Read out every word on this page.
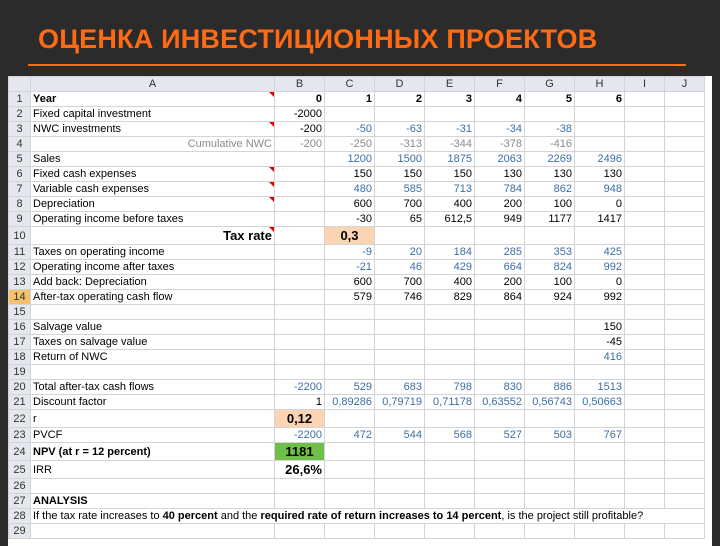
ОЦЕНКА ИНВЕСТИЦИОННЫХ ПРОЕКТОВ
	A	B	C	D	E	F	G	H	I	J
1	Year	0	1	2	3	4	5	6		
2	Fixed capital investment	-2000								
3	NWC investments	-200	-50	-63	-31	-34	-38			
4	Cumulative NWC	-200	-250	-313	-344	-378	-416			
5	Sales		1200	1500	1875	2063	2269	2496		
6	Fixed cash expenses		150	150	150	130	130	130		
7	Variable cash expenses		480	585	713	784	862	948		
8	Depreciation		600	700	400	200	100	0		
9	Operating income before taxes		-30	65	612,5	949	1177	1417		
10	Tax rate		0,3							
11	Taxes on operating income		-9	20	184	285	353	425		
12	Operating income after taxes		-21	46	429	664	824	992		
13	Add back: Depreciation		600	700	400	200	100	0		
14	After-tax operating cash flow		579	746	829	864	924	992		
15										
16	Salvage value							150		
17	Taxes on salvage value							-45		
18	Return of NWC							416		
19										
20	Total after-tax cash flows	-2200	529	683	798	830	886	1513		
21	Discount factor	1	0,89286	0,79719	0,71178	0,63552	0,56743	0,50663		
22	r	0,12								
23	PVCF	-2200	472	544	568	527	503	767		
24	NPV (at r = 12 percent)	1181								
25	IRR	26,6%								
26										
27	ANALYSIS									
28	If the tax rate increases to 40 percent and the required rate of return increases to 14 percent, is the project still profitable?									
29										
